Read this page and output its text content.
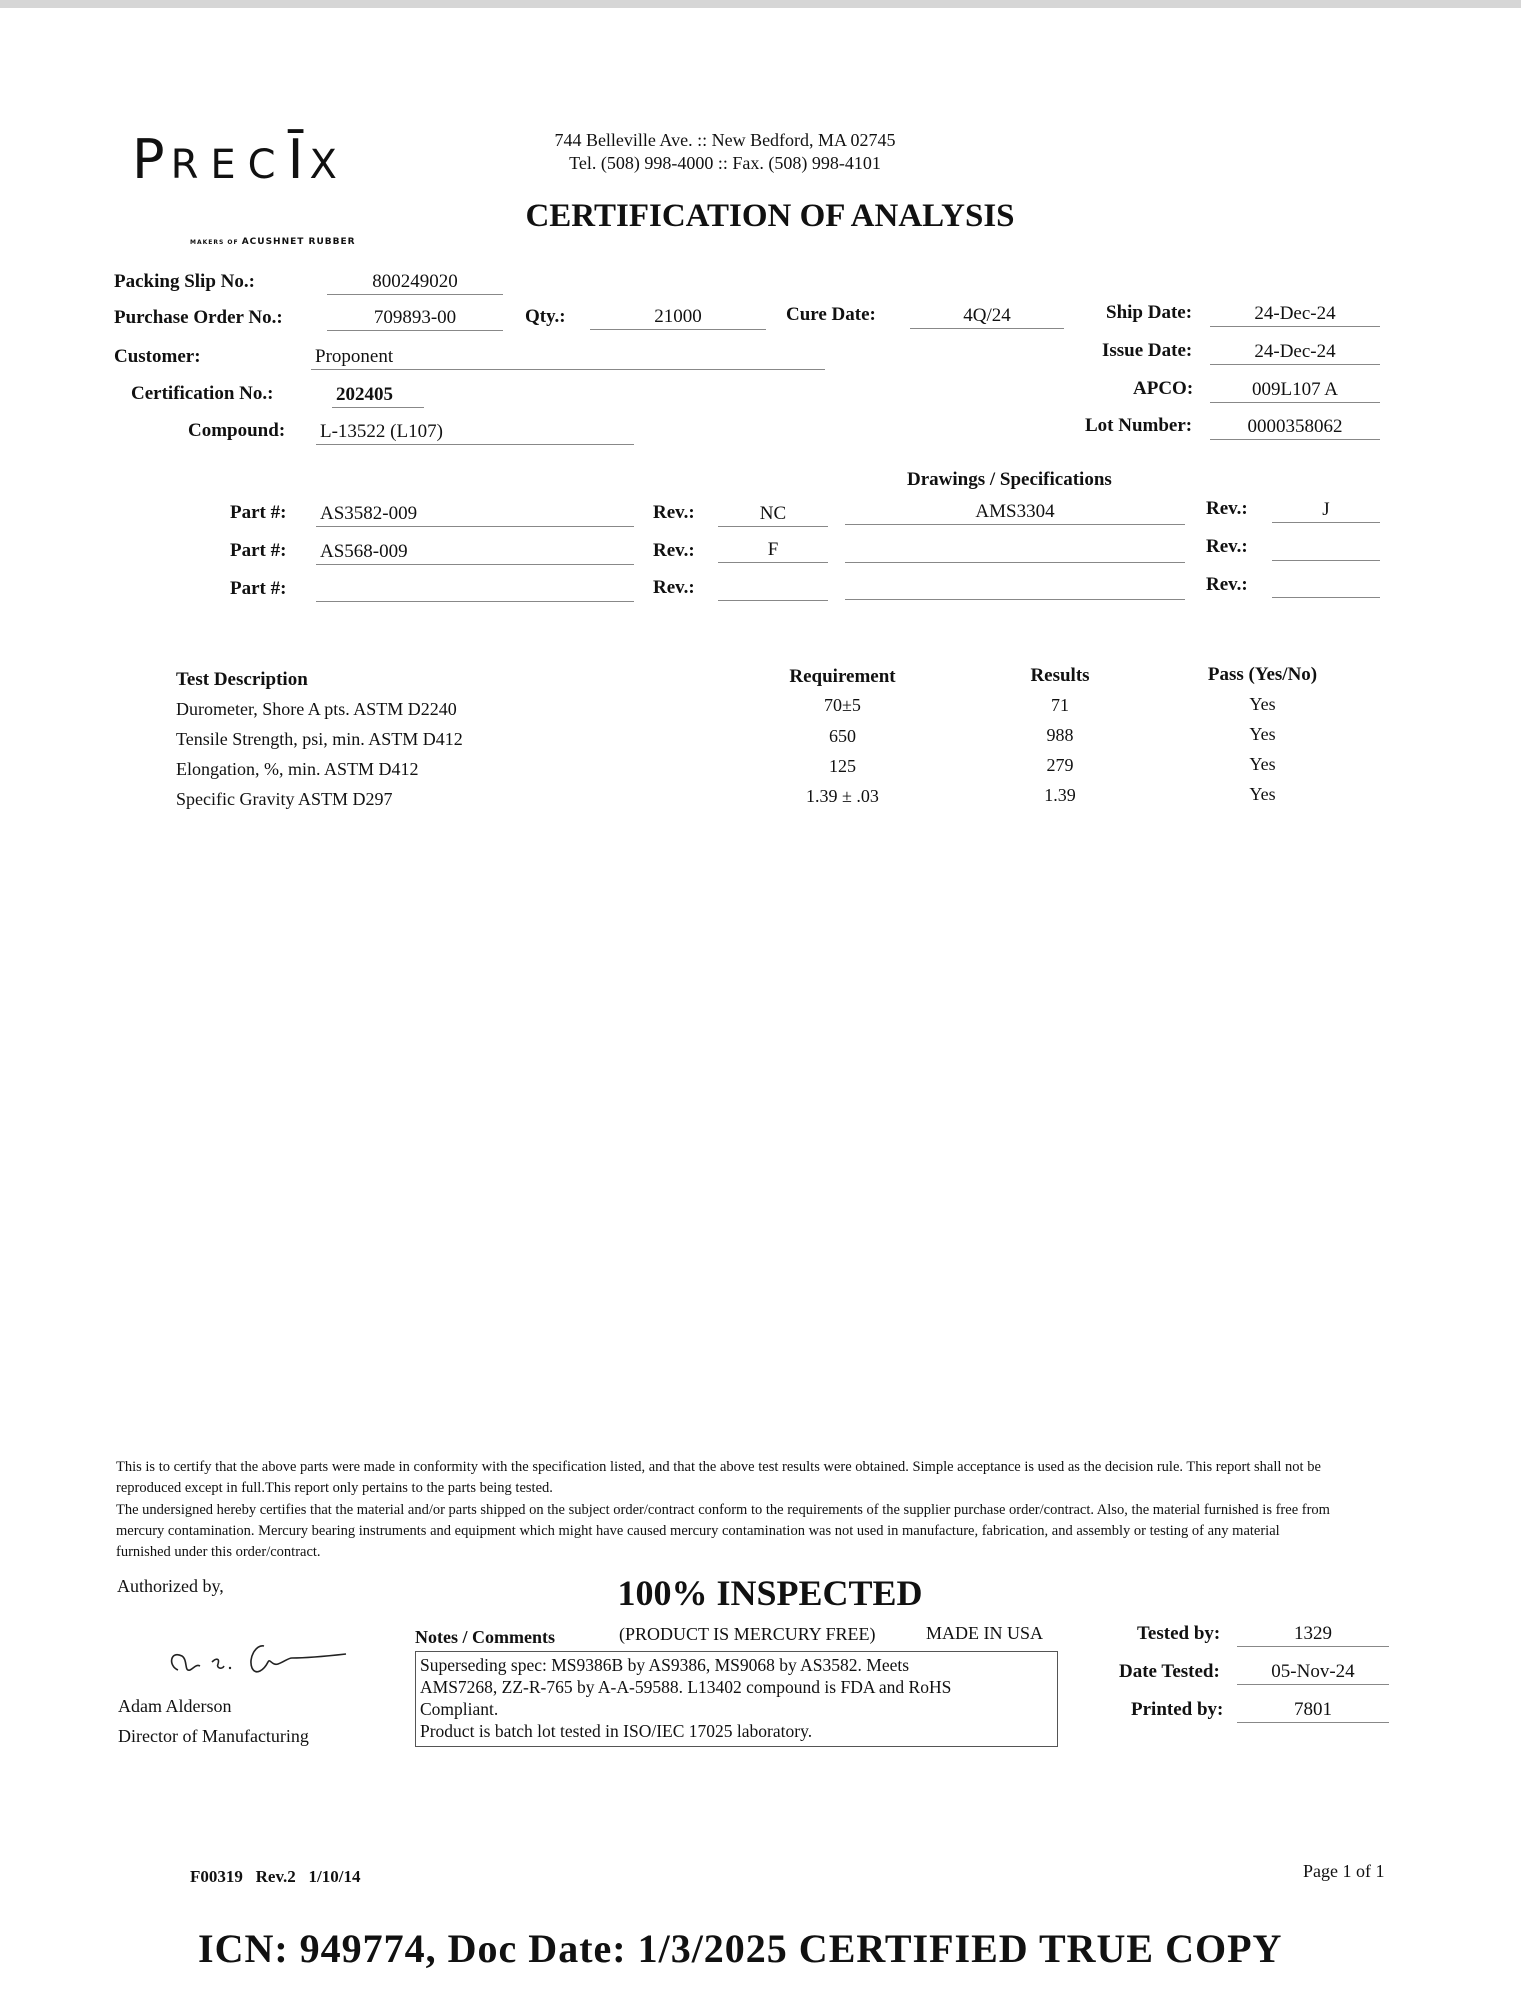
PRECĪX
MAKERS OF ACUSHNET RUBBER
744 Belleville Ave. :: New Bedford, MA 02745
Tel. (508) 998-4000 :: Fax. (508) 998-4101
CERTIFICATION OF ANALYSIS
Packing Slip No.:	800249020
Purchase Order No.:	709893-00	Qty.:	21000	Cure Date:	4Q/24	Ship Date:	24-Dec-24
Customer:	Proponent	Issue Date:	24-Dec-24
Certification No.:	202405	APCO:	009L107 A
Compound: L-13522 (L107)	Lot Number:	0000358062
Drawings / Specifications
Part #: AS3582-009	Rev.:	NC	AMS3304	Rev.:	J
Part #: AS568-009	Rev.:	F	Rev.:
Part #:	Rev.:	Rev.:
Test Description	Requirement	Results	Pass (Yes/No)
Durometer, Shore A pts. ASTM D2240	70±5	71	Yes
Tensile Strength, psi, min. ASTM D412	650	988	Yes
Elongation, %, min. ASTM D412	125	279	Yes
Specific Gravity ASTM D297	1.39 ± .03	1.39	Yes
This is to certify that the above parts were made in conformity with the specification listed, and that the above test results were obtained. Simple acceptance is used as the decision rule. This report shall not be reproduced except in full.This report only pertains to the parts being tested.
The undersigned hereby certifies that the material and/or parts shipped on the subject order/contract conform to the requirements of the supplier purchase order/contract. Also, the material furnished is free from mercury contamination. Mercury bearing instruments and equipment which might have caused mercury contamination was not used in manufacture, fabrication, and assembly or testing of any material furnished under this order/contract.
Authorized by,	100% INSPECTED
Adam Alderson
Director of Manufacturing
Notes / Comments	(PRODUCT IS MERCURY FREE)	MADE IN USA
Superseding spec: MS9386B by AS9386, MS9068 by AS3582. Meets
AMS7268, ZZ-R-765 by A-A-59588. L13402 compound is FDA and RoHS
Compliant.
Product is batch lot tested in ISO/IEC 17025 laboratory.
Tested by:	1329
Date Tested:	05-Nov-24
Printed by:	7801
F00319 Rev.2 1/10/14	Page 1 of 1
ICN: 949774, Doc Date: 1/3/2025 CERTIFIED TRUE COPY
